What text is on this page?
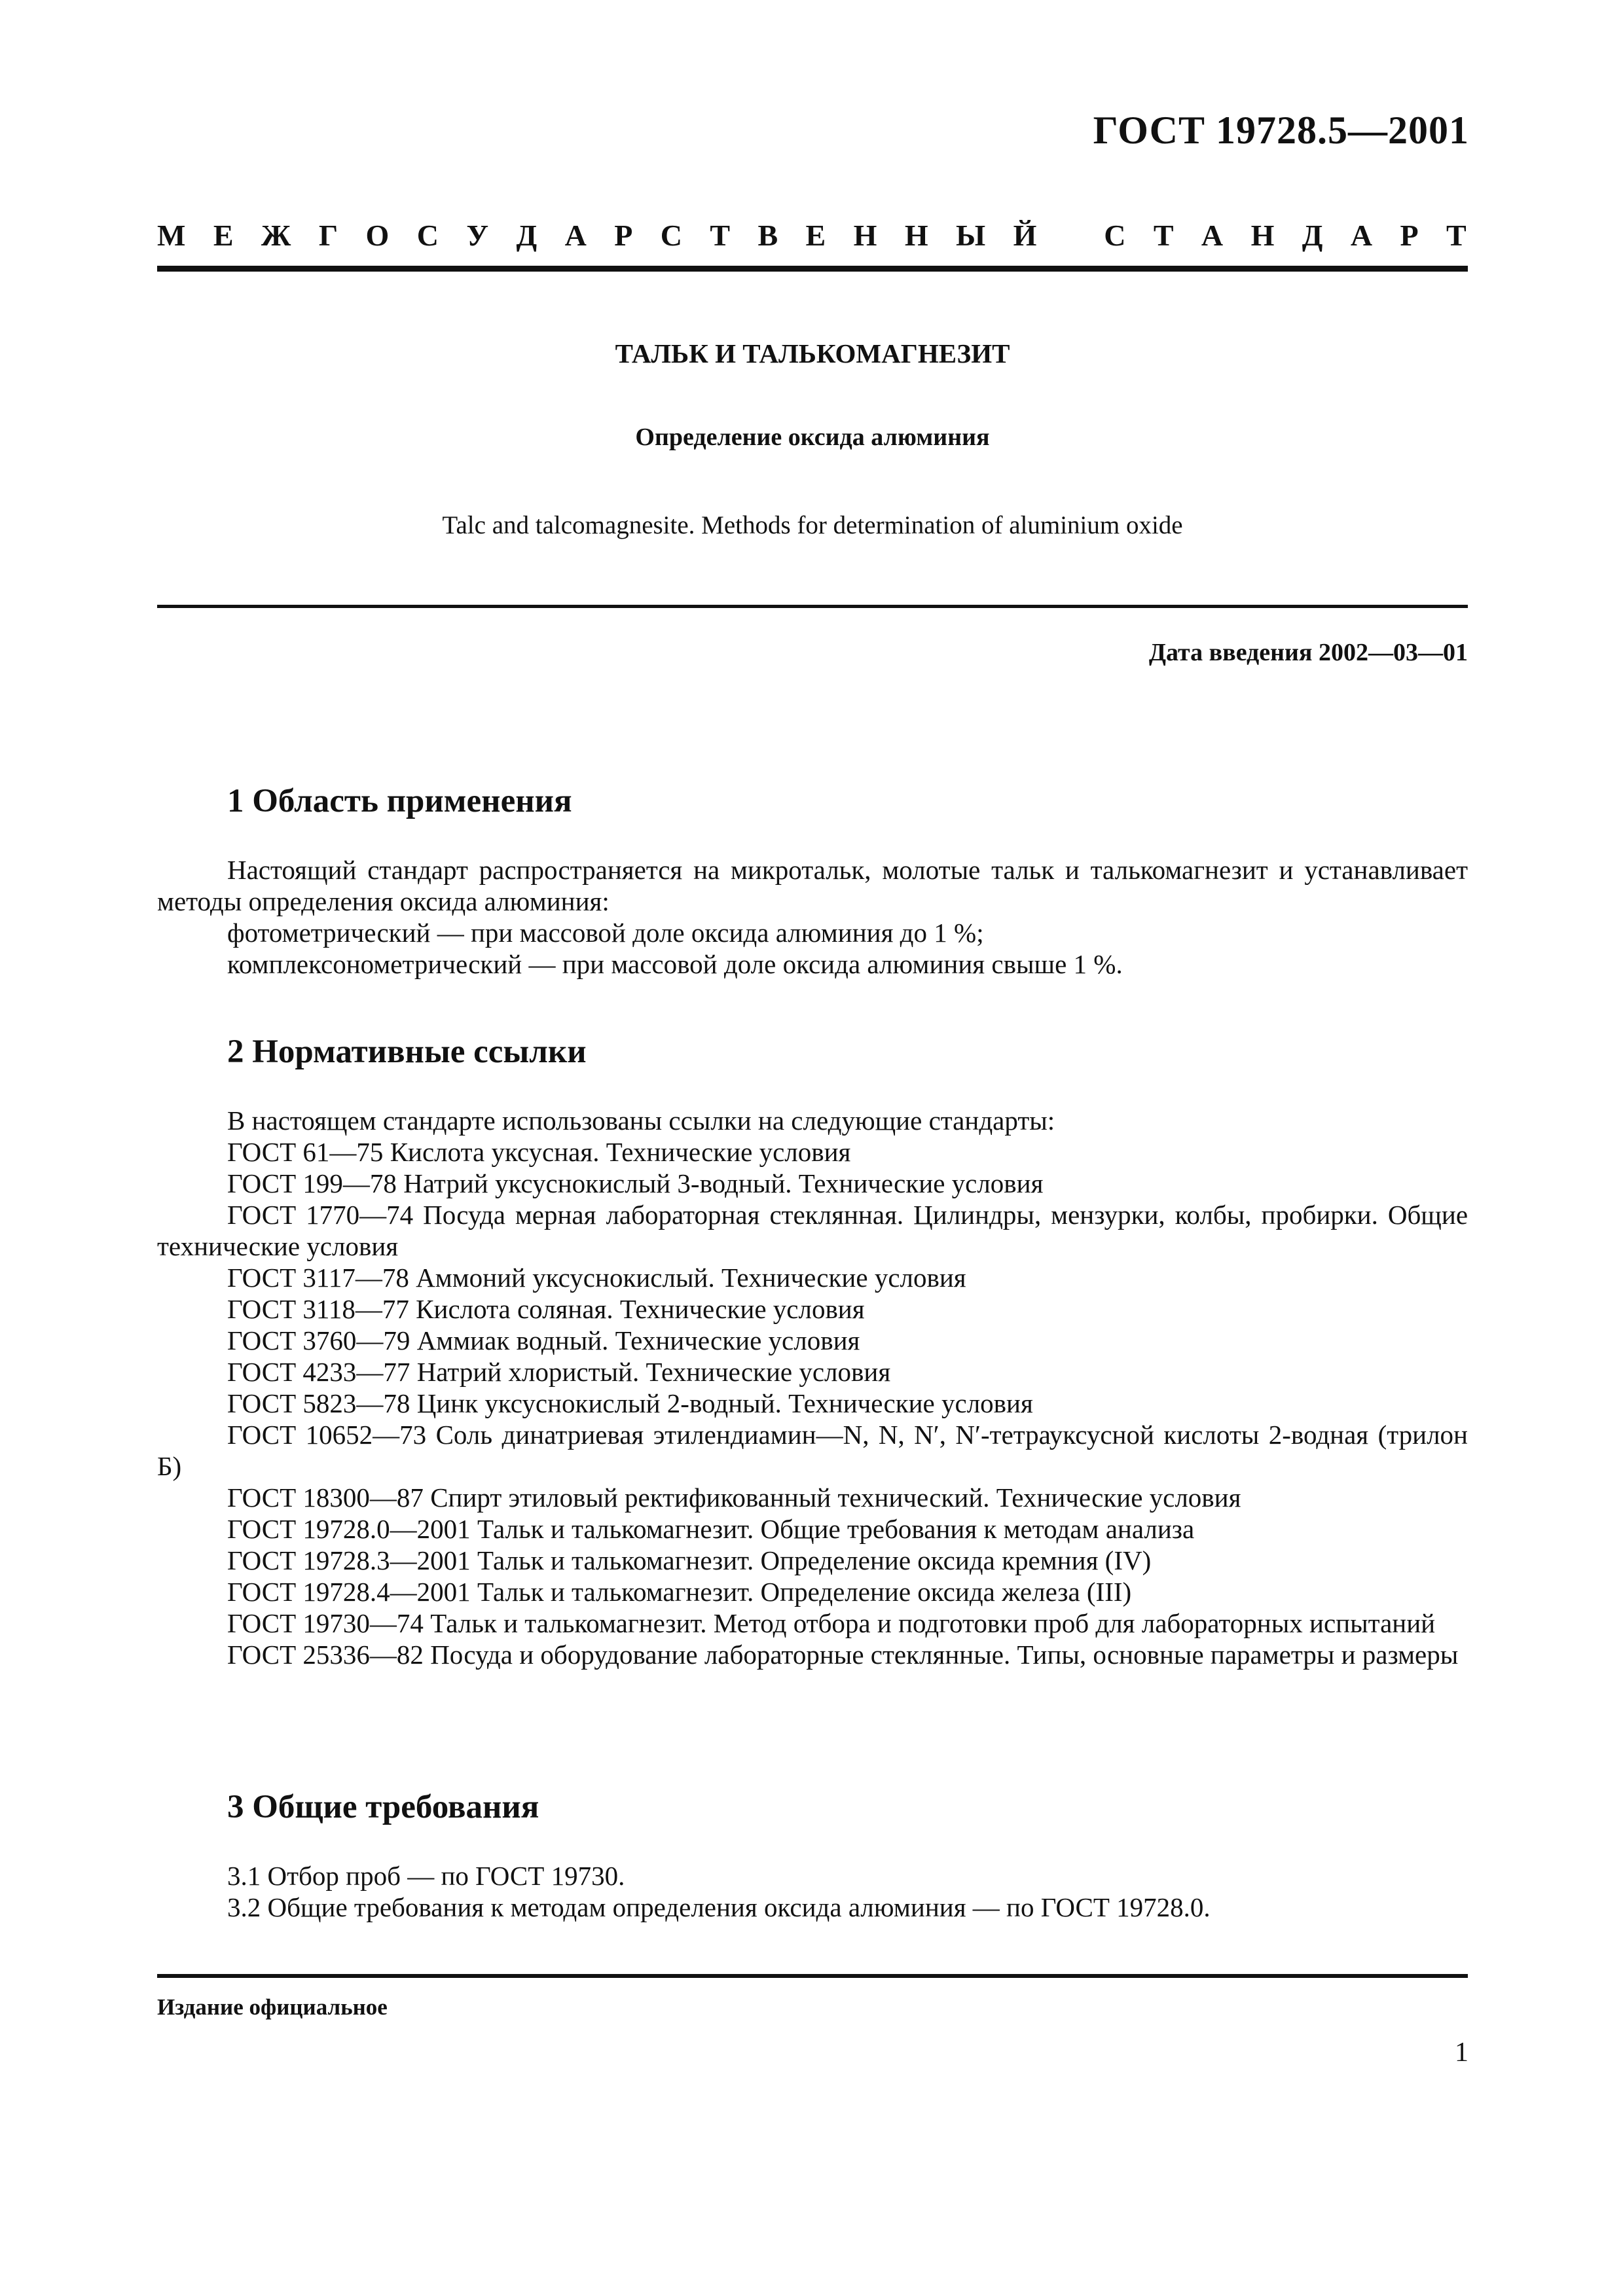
ГОСТ 19728.5—2001
М Е Ж Г О С У Д А Р С Т В Е Н Н Ы Й С Т А Н Д А Р Т
ТАЛЬК И ТАЛЬКОМАГНЕЗИТ
Определение оксида алюминия
Talc and talcomagnesite. Methods for determination of aluminium oxide
Дата введения 2002—03—01
1 Область применения

Настоящий стандарт распространяется на микротальк, молотые тальк и талькомагнезит и устанавливает методы определения оксида алюминия:

фотометрический — при массовой доле оксида алюминия до 1 %;

комплексонометрический — при массовой доле оксида алюминия свыше 1 %.

2 Нормативные ссылки

В настоящем стандарте использованы ссылки на следующие стандарты:

ГОСТ 61—75 Кислота уксусная. Технические условия

ГОСТ 199—78 Натрий уксуснокислый 3-водный. Технические условия

ГОСТ 1770—74 Посуда мерная лабораторная стеклянная. Цилиндры, мензурки, колбы, пробирки. Общие технические условия

ГОСТ 3117—78 Аммоний уксуснокислый. Технические условия

ГОСТ 3118—77 Кислота соляная. Технические условия

ГОСТ 3760—79 Аммиак водный. Технические условия

ГОСТ 4233—77 Натрий хлористый. Технические условия

ГОСТ 5823—78 Цинк уксуснокислый 2-водный. Технические условия

ГОСТ 10652—73 Соль динатриевая этилендиамин—N, N, N′, N′-тетрауксусной кислоты 2-водная (трилон Б)

ГОСТ 18300—87 Спирт этиловый ректификованный технический. Технические условия

ГОСТ 19728.0—2001 Тальк и талькомагнезит. Общие требования к методам анализа

ГОСТ 19728.3—2001 Тальк и талькомагнезит. Определение оксида кремния (IV)

ГОСТ 19728.4—2001 Тальк и талькомагнезит. Определение оксида железа (III)

ГОСТ 19730—74 Тальк и талькомагнезит. Метод отбора и подготовки проб для лабораторных испытаний

ГОСТ 25336—82 Посуда и оборудование лабораторные стеклянные. Типы, основные параметры и размеры

3 Общие требования

3.1 Отбор проб — по ГОСТ 19730.

3.2 Общие требования к методам определения оксида алюминия — по ГОСТ 19728.0.

Издание официальное
1
